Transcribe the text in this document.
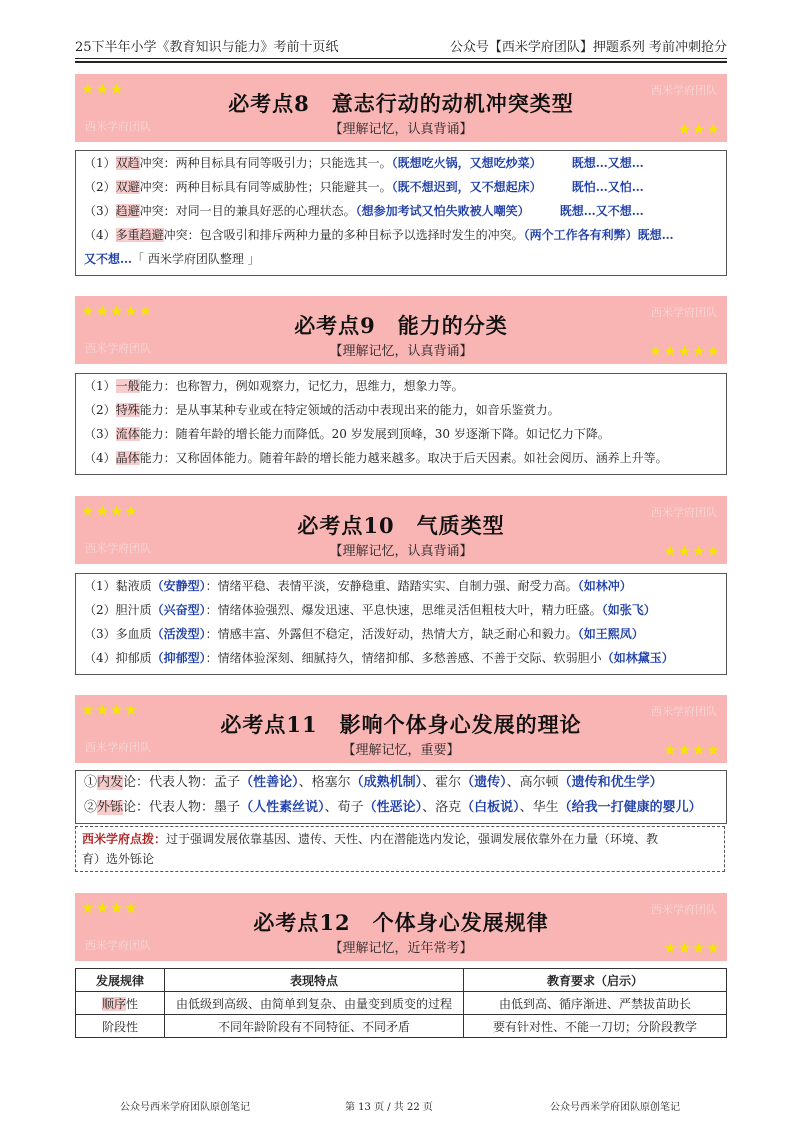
25下半年小学《教育知识与能力》考前十页纸	公众号【西米学府团队】押题系列 考前冲刺抢分
★★★	西米学府团队
必考点8　意志行动的动机冲突类型
【理解记忆，认真背诵】
西米学府团队	★★★
（1）双趋冲突：两种目标具有同等吸引力；只能选其一。（既想吃火锅，又想吃炒菜）	既想…又想…
（2）双避冲突：两种目标具有同等威胁性；只能避其一。（既不想迟到，又不想起床）	既怕…又怕…
（3）趋避冲突：对同一目的兼具好恶的心理状态。（想参加考试又怕失败被人嘲笑）	既想…又不想…
（4）多重趋避冲突：包含吸引和排斥两种力量的多种目标予以选择时发生的冲突。（两个工作各有利弊）既想…
又不想…「 西米学府团队整理 」
★★★★★	西米学府团队
必考点9　能力的分类
【理解记忆，认真背诵】
西米学府团队	★★★★★
（1）一般能力：也称智力，例如观察力，记忆力，思维力，想象力等。
（2）特殊能力：是从事某种专业或在特定领域的活动中表现出来的能力，如音乐鉴赏力。
（3）流体能力：随着年龄的增长能力而降低。20 岁发展到顶峰，30 岁逐渐下降。如记忆力下降。
（4）晶体能力：又称固体能力。随着年龄的增长能力越来越多。取决于后天因素。如社会阅历、涵养上升等。
★★★★	西米学府团队
必考点10　气质类型
【理解记忆，认真背诵】
西米学府团队	★★★★
（1）黏液质（安静型）：情绪平稳、表情平淡，安静稳重、踏踏实实、自制力强、耐受力高。（如林冲）
（2）胆汁质（兴奋型）：情绪体验强烈、爆发迅速、平息快速，思维灵活但粗枝大叶，精力旺盛。（如张飞）
（3）多血质（活泼型）：情感丰富、外露但不稳定，活泼好动，热情大方，缺乏耐心和毅力。（如王熙凤）
（4）抑郁质（抑郁型）：情绪体验深刻、细腻持久，情绪抑郁、多愁善感、不善于交际、软弱胆小（如林黛玉）
★★★★	西米学府团队
必考点11　影响个体身心发展的理论
【理解记忆，重要】
西米学府团队	★★★★
①内发论：代表人物：孟子（性善论）、格塞尔（成熟机制）、霍尔（遗传）、高尔顿（遗传和优生学）
②外铄论：代表人物：墨子（人性素丝说）、荀子（性恶论）、洛克（白板说）、华生（给我一打健康的婴儿）
西米学府点拨：过于强调发展依靠基因、遗传、天性、内在潜能选内发论，强调发展依靠外在力量（环境、教
育）选外铄论
★★★★	西米学府团队
必考点12　个体身心发展规律
【理解记忆，近年常考】
西米学府团队	★★★★
发展规律	表现特点	教育要求（启示）
顺序性	由低级到高级、由简单到复杂、由量变到质变的过程	由低到高、循序渐进、严禁拔苗助长
阶段性	不同年龄阶段有不同特征、不同矛盾	要有针对性、不能一刀切；分阶段教学
公众号西米学府团队原创笔记	第 13 页 / 共 22 页	公众号西米学府团队原创笔记
